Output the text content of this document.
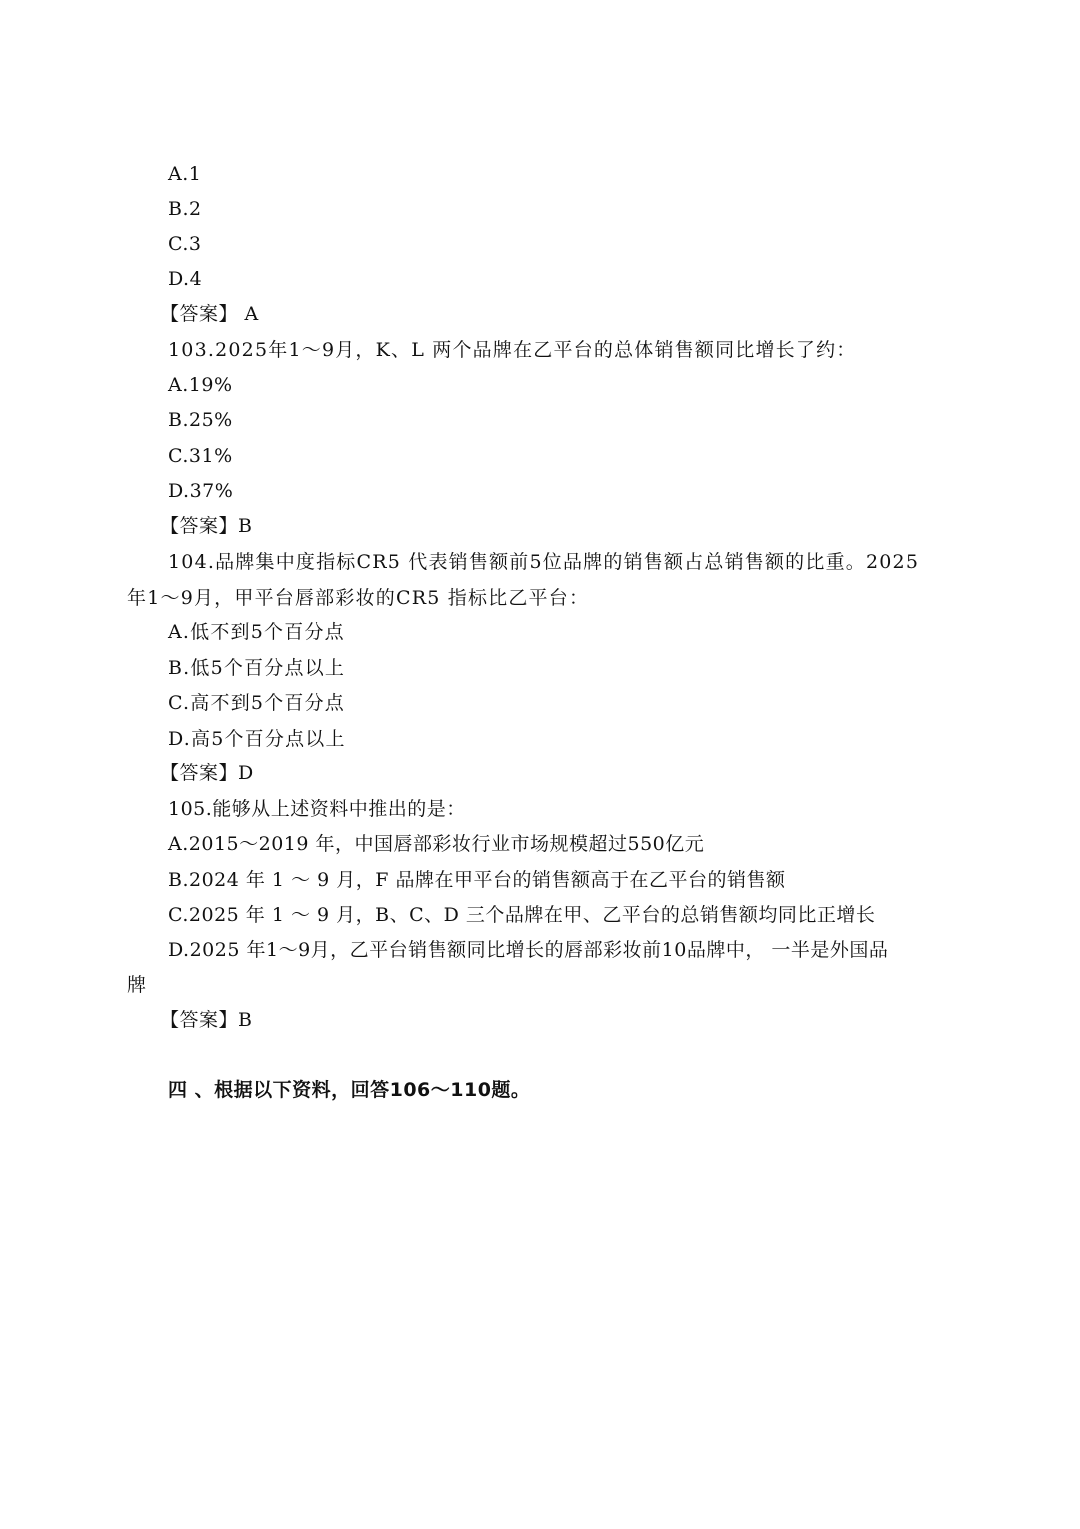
A.1
B.2
C.3
D.4
【答案】 A
103.2025年1～9月，K、L 两个品牌在乙平台的总体销售额同比增长了约：
A.19%
B.25%
C.31%
D.37%
【答案】B
104.品牌集中度指标CR5 代表销售额前5位品牌的销售额占总销售额的比重。2025
年1～9月，甲平台唇部彩妆的CR5 指标比乙平台：
A.低不到5个百分点
B.低5个百分点以上
C.高不到5个百分点
D.高5个百分点以上
【答案】D
105.能够从上述资料中推出的是：
A.2015～2019 年，中国唇部彩妆行业市场规模超过550亿元
B.2024 年 1 ～ 9 月，F 品牌在甲平台的销售额高于在乙平台的销售额
C.2025 年 1 ～ 9 月，B、C、D 三个品牌在甲、乙平台的总销售额均同比正增长
D.2025 年1～9月，乙平台销售额同比增长的唇部彩妆前10品牌中， 一半是外国品
牌
【答案】B
四 、根据以下资料，回答106～110题。
